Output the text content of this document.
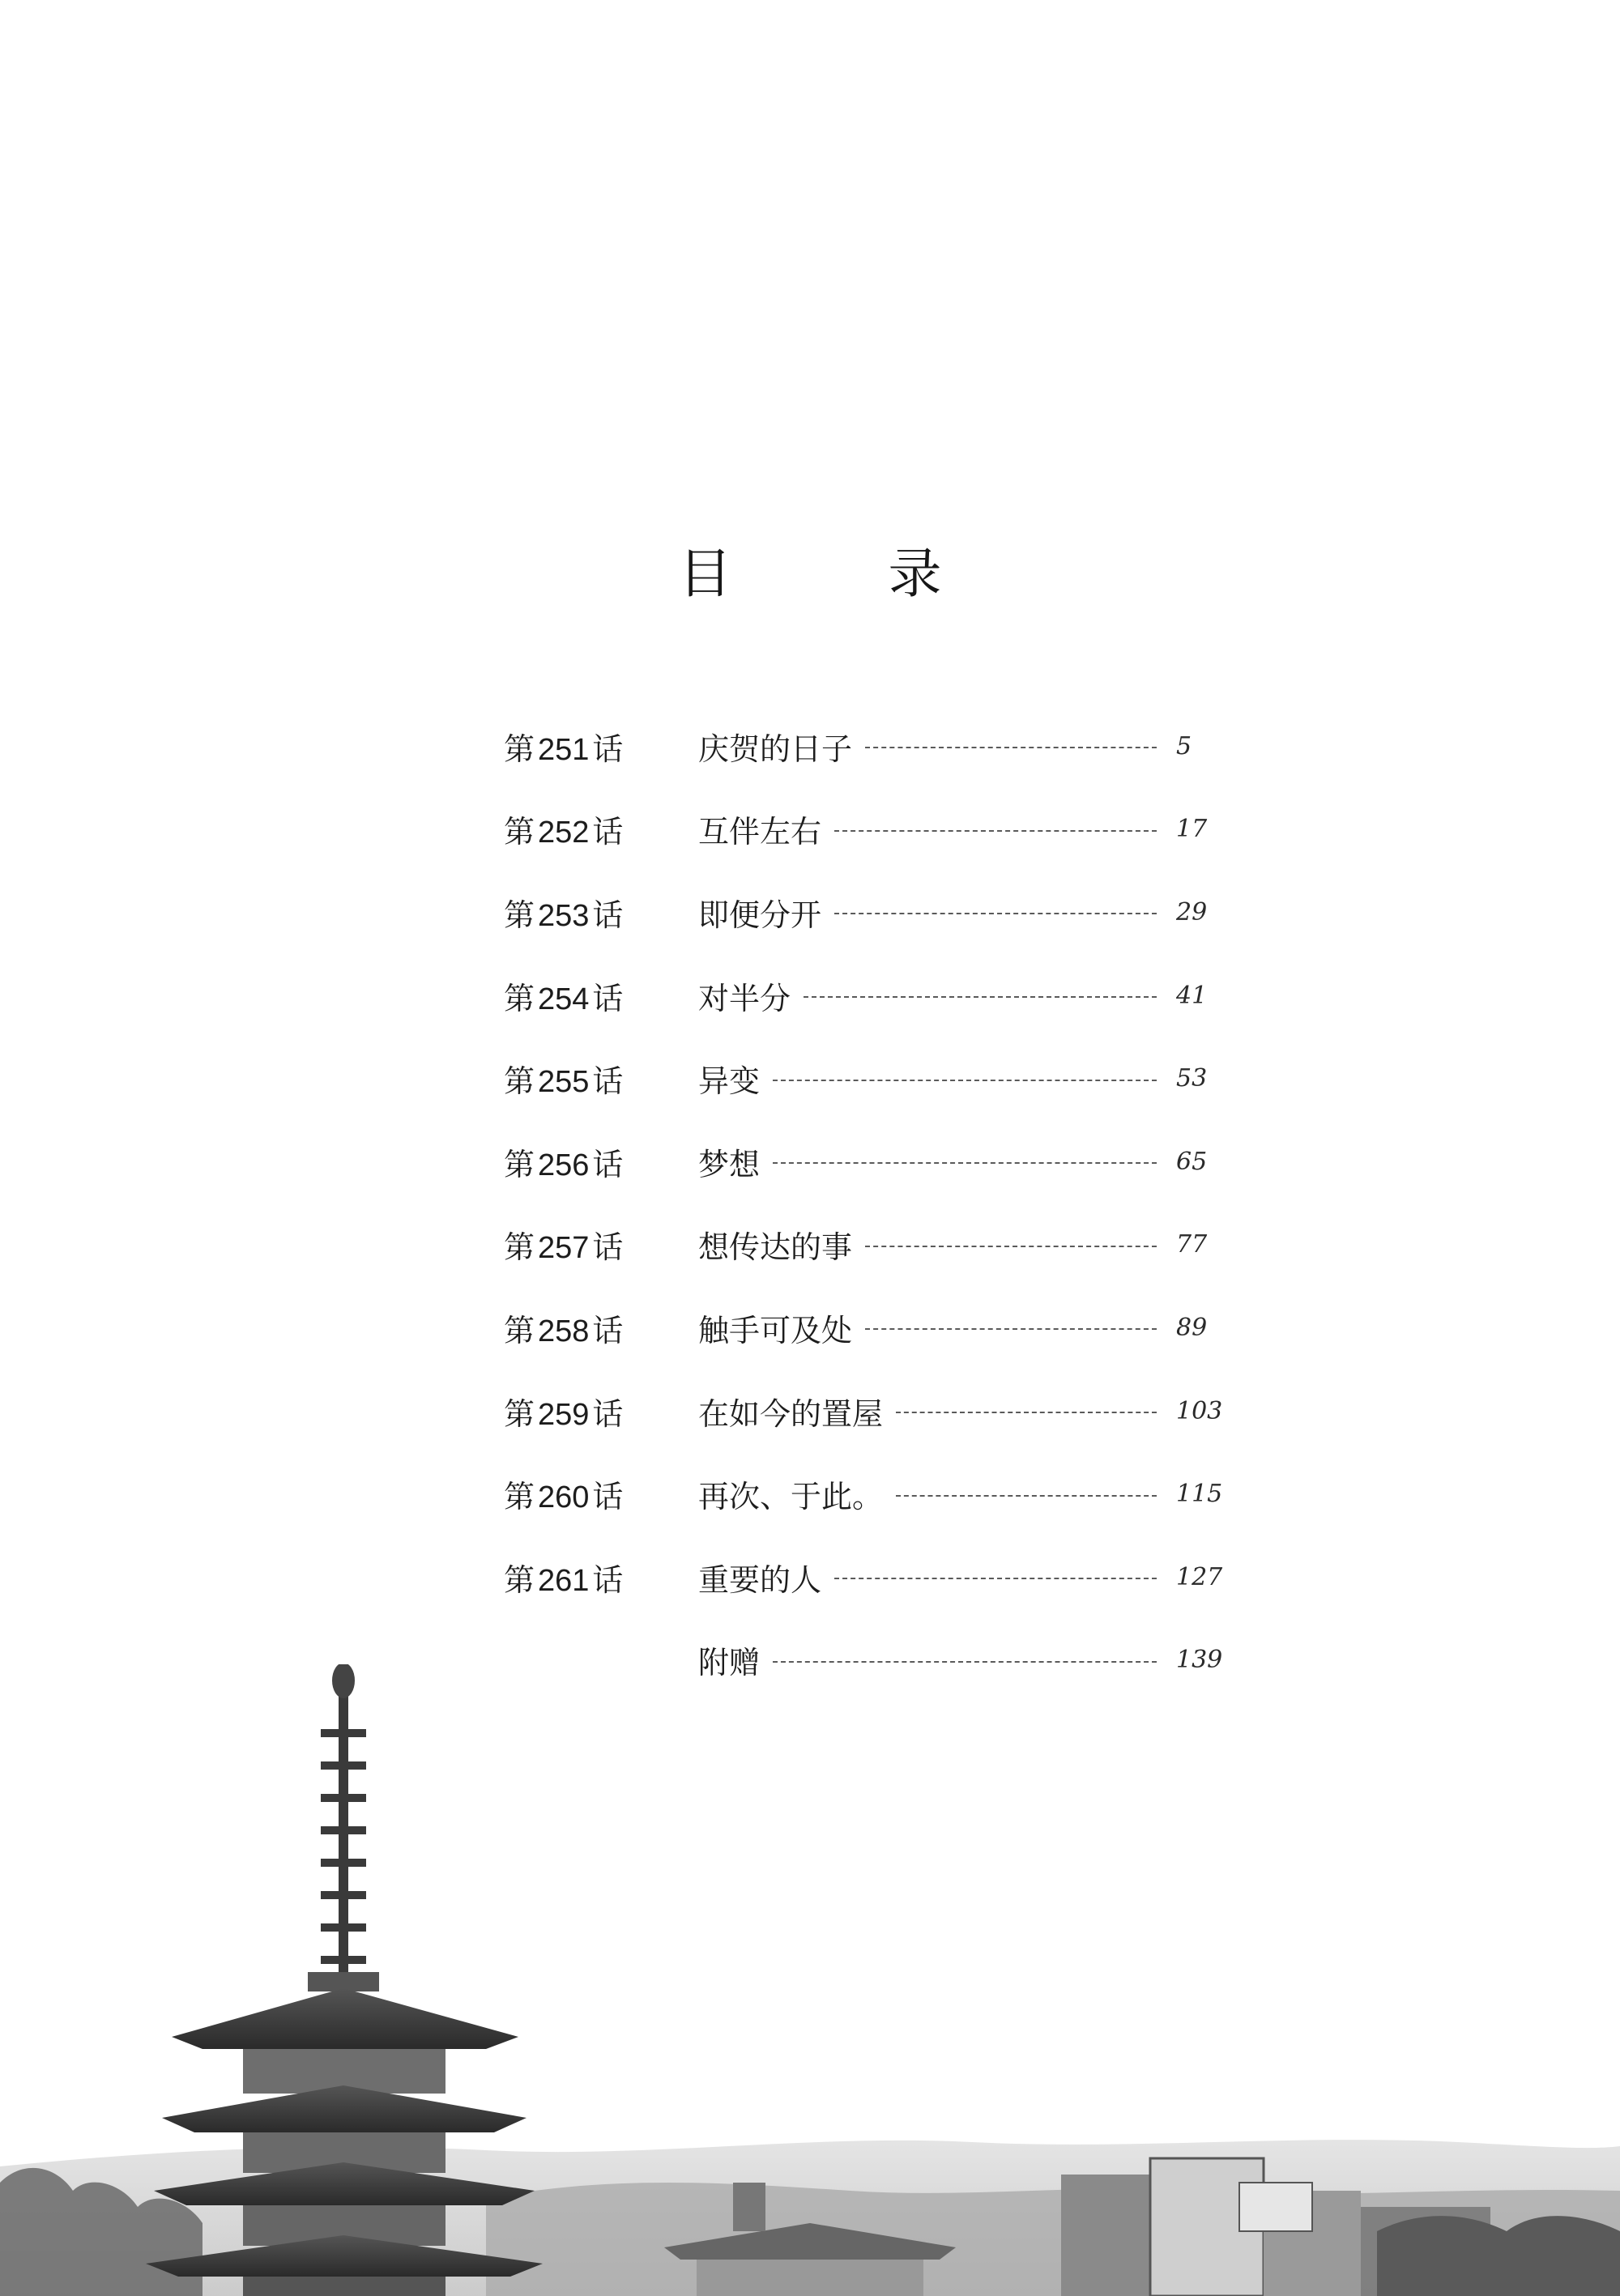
目 录
第 251 话	庆贺的日子	5
第 252 话	互伴左右	17
第 253 话	即便分开	29
第 254 话	对半分	41
第 255 话	异变	53
第 256 话	梦想	65
第 257 话	想传达的事	77
第 258 话	触手可及处	89
第 259 话	在如今的置屋	103
第 260 话	再次、于此。	115
第 261 话	重要的人	127
附赠	139
